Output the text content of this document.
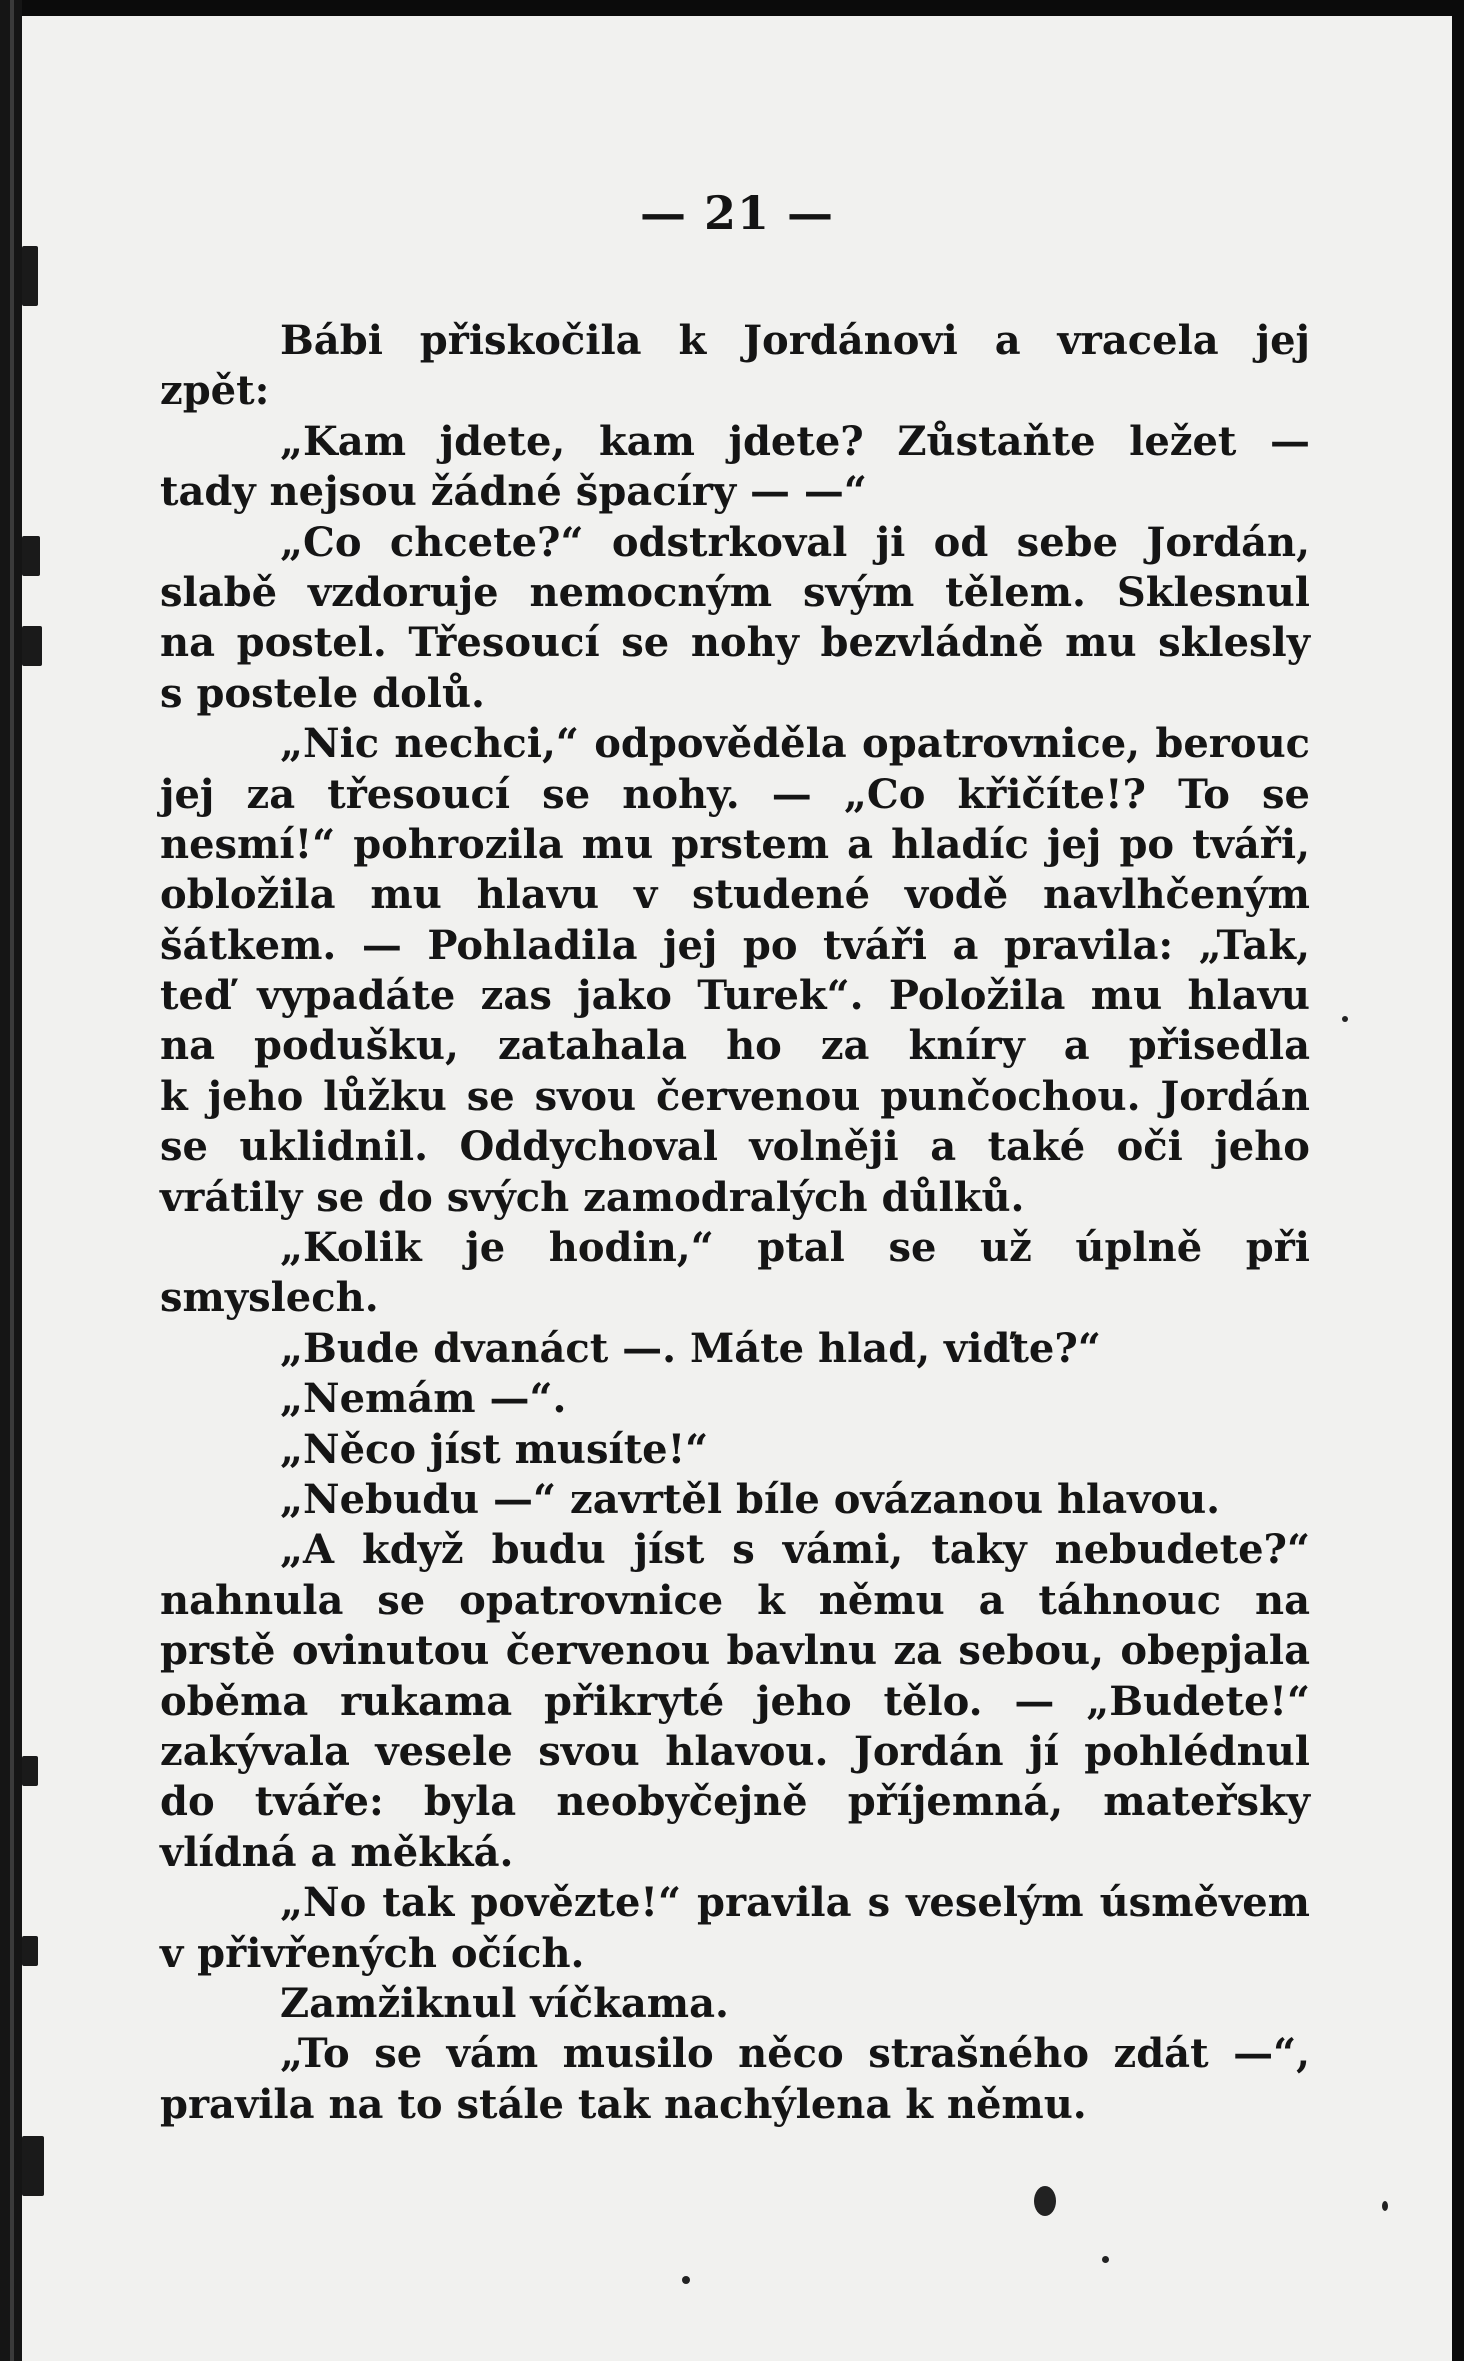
— 21 —
Bábi přiskočila k Jordánovi a vracela jej
zpět:
„Kam jdete, kam jdete? Zůstaňte ležet —
tady nejsou žádné špacíry — —“
„Co chcete?“ odstrkoval ji od sebe Jordán,
slabě vzdoruje nemocným svým tělem. Sklesnul
na postel. Třesoucí se nohy bezvládně mu sklesly
s postele dolů.
„Nic nechci,“ odpověděla opatrovnice, berouc
jej za třesoucí se nohy. — „Co křičíte!? To se
nesmí!“ pohrozila mu prstem a hladíc jej po tváři,
obložila mu hlavu v studené vodě navlhčeným
šátkem. — Pohladila jej po tváři a pravila: „Tak,
teď vypadáte zas jako Turek“. Položila mu hlavu
na podušku, zatahala ho za kníry a přisedla
k jeho lůžku se svou červenou punčochou. Jordán
se uklidnil. Oddychoval volněji a také oči jeho
vrátily se do svých zamodralých důlků.
„Kolik je hodin,“ ptal se už úplně při
smyslech.
„Bude dvanáct —. Máte hlad, viďte?“
„Nemám —“.
„Něco jíst musíte!“
„Nebudu —“ zavrtěl bíle ovázanou hlavou.
„A když budu jíst s vámi, taky nebudete?“
nahnula se opatrovnice k němu a táhnouc na
prstě ovinutou červenou bavlnu za sebou, obepjala
oběma rukama přikryté jeho tělo. — „Budete!“
zakývala vesele svou hlavou. Jordán jí pohlédnul
do tváře: byla neobyčejně příjemná, mateřsky
vlídná a měkká.
„No tak povězte!“ pravila s veselým úsměvem
v přivřených očích.
Zamžiknul víčkama.
„To se vám musilo něco strašného zdát —“,
pravila na to stále tak nachýlena k němu.
